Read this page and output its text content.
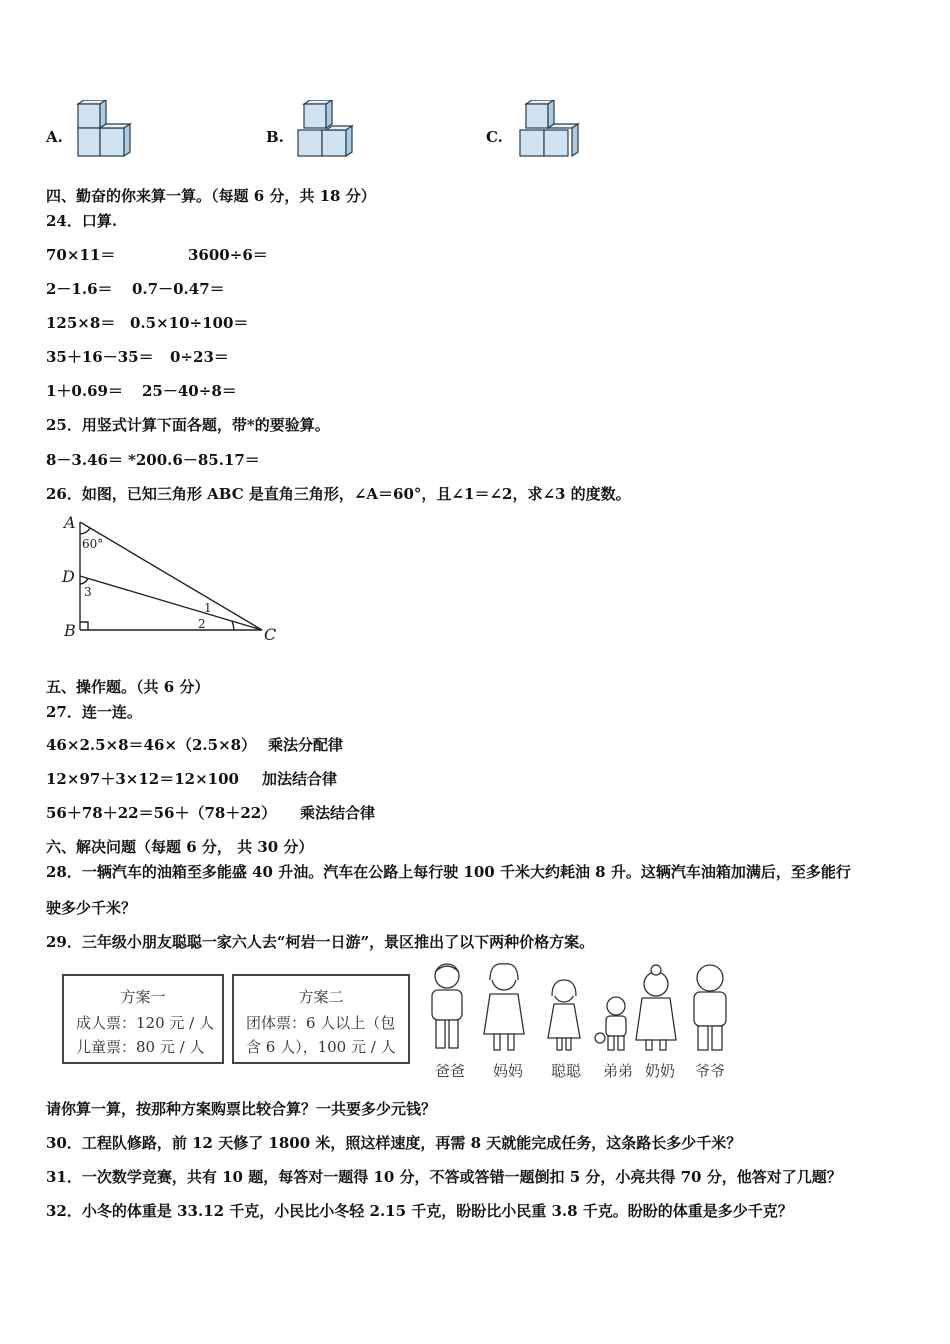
A.	B.	C.
四、勤奋的你来算一算。（每题 6 分，共 18 分）
24．口算.
70×11＝	3600÷6＝
2－1.6＝ 0.7－0.47＝
125×8＝ 0.5×10÷100＝
35＋16－35＝ 0÷23＝
1＋0.69＝ 25－40÷8＝
25．用竖式计算下面各题，带*的要验算。
8－3.46＝ *200.6－85.17＝
26．如图，已知三角形 ABC 是直角三角形，∠A＝60°，且∠1＝∠2，求∠3 的度数。
A
D
B	C
60°
3
1
2
五、操作题。（共 6 分）
27．连一连。
46×2.5×8＝46×（2.5×8） 乘法分配律
12×97＋3×12＝12×100 加法结合律
56＋78＋22＝56＋（78＋22） 乘法结合律
六、解决问题（每题 6 分， 共 30 分）
28．一辆汽车的油箱至多能盛 40 升油。汽车在公路上每行驶 100 千米大约耗油 8 升。这辆汽车油箱加满后，至多能行
驶多少千米？
29．三年级小朋友聪聪一家六人去“柯岩一日游”，景区推出了以下两种价格方案。
方案一
成人票：120 元 / 人
儿童票：80 元 / 人
方案二
团体票：6 人以上（包
含 6 人），100 元 / 人
爸爸	妈妈	聪聪	弟弟 奶奶	爷爷
请你算一算，按那种方案购票比较合算？一共要多少元钱？
30．工程队修路，前 12 天修了 1800 米，照这样速度，再需 8 天就能完成任务，这条路长多少千米？
31．一次数学竞赛，共有 10 题，每答对一题得 10 分，不答或答错一题倒扣 5 分，小亮共得 70 分，他答对了几题？
32．小冬的体重是 33.12 千克，小民比小冬轻 2.15 千克，盼盼比小民重 3.8 千克。盼盼的体重是多少千克？
